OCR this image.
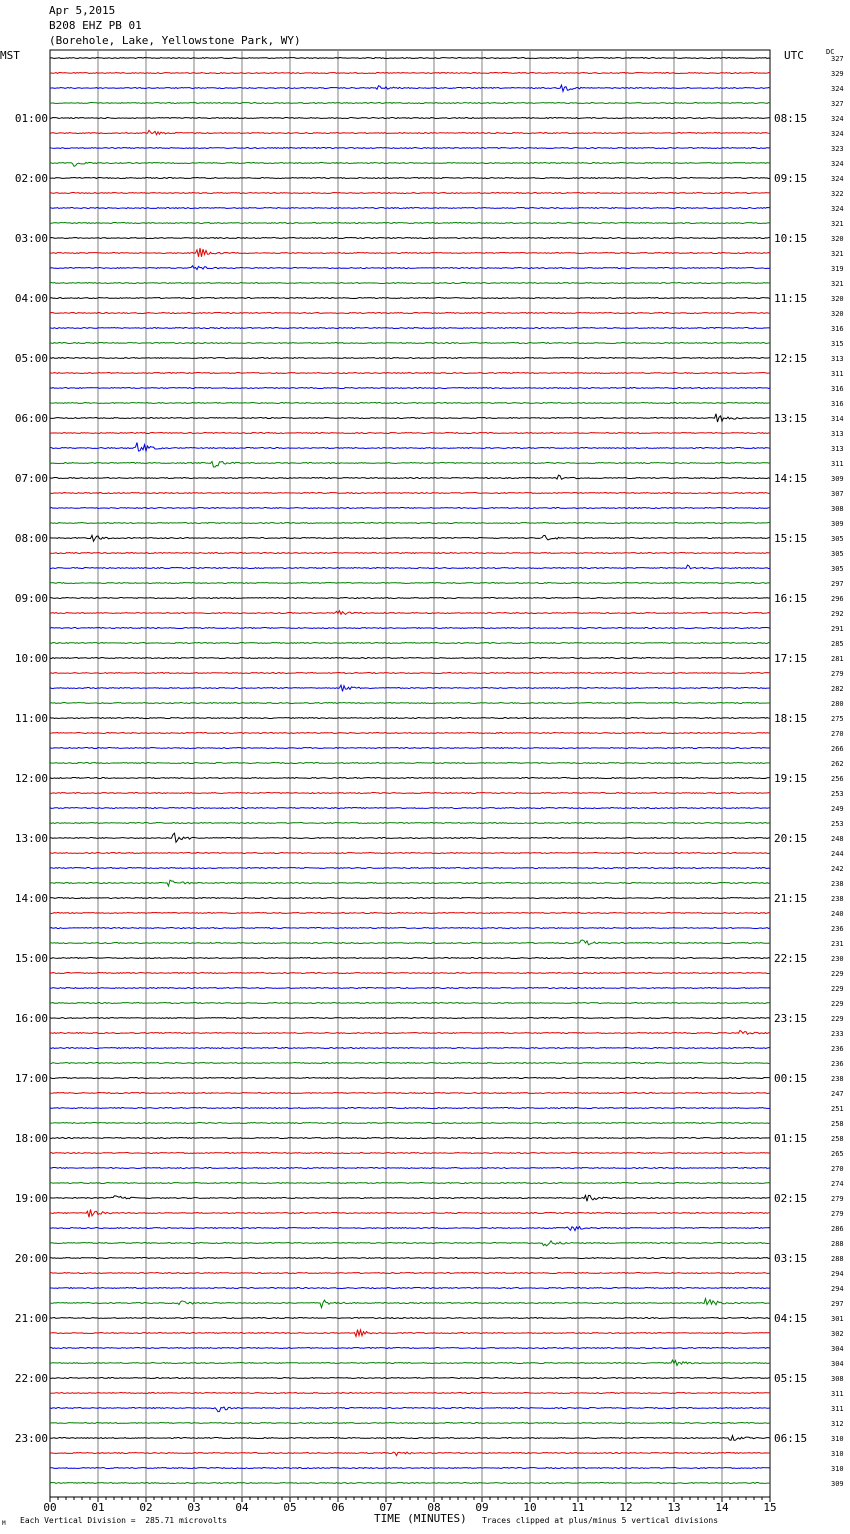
Apr 5,2015
B208 EHZ PB 01
(Borehole, Lake, Yellowstone Park, WY)
MST	UTC	DC
327
329
324
327
324
324
323
324
324
322
324
321
320
321
319
321
320
320
316
315
313
311
316
316
314
313
313
311
309
307
308
309
305
305
305
297
296
292
291
285
281
279
282
280
275
270
266
262
256
253
249
253
248
244
242
238
238
240
236
231
230
229
229
229
229
233
236
236
238
247
251
258
258
265
270
274
279
279
286
288
288
294
294
297
301
302
304
304
308
311
311
312
310
310
310
309
01:00
02:00
03:00
04:00
05:00
06:00
07:00
08:00
09:00
10:00
11:00
12:00
13:00
14:00
15:00
16:00
17:00
18:00
19:00
20:00
21:00
22:00
23:00
08:15
09:15
10:15
11:15
12:15
13:15
14:15
15:15
16:15
17:15
18:15
19:15
20:15
21:15
22:15
23:15
00:15
01:15
02:15
03:15
04:15
05:15
06:15
00	01	02	03	04	05	06	07	08	09	10	11	12	13	14	15
Each Vertical Division =  285.71 microvolts	TIME (MINUTES) Traces clipped at plus/minus 5 vertical divisions
M
